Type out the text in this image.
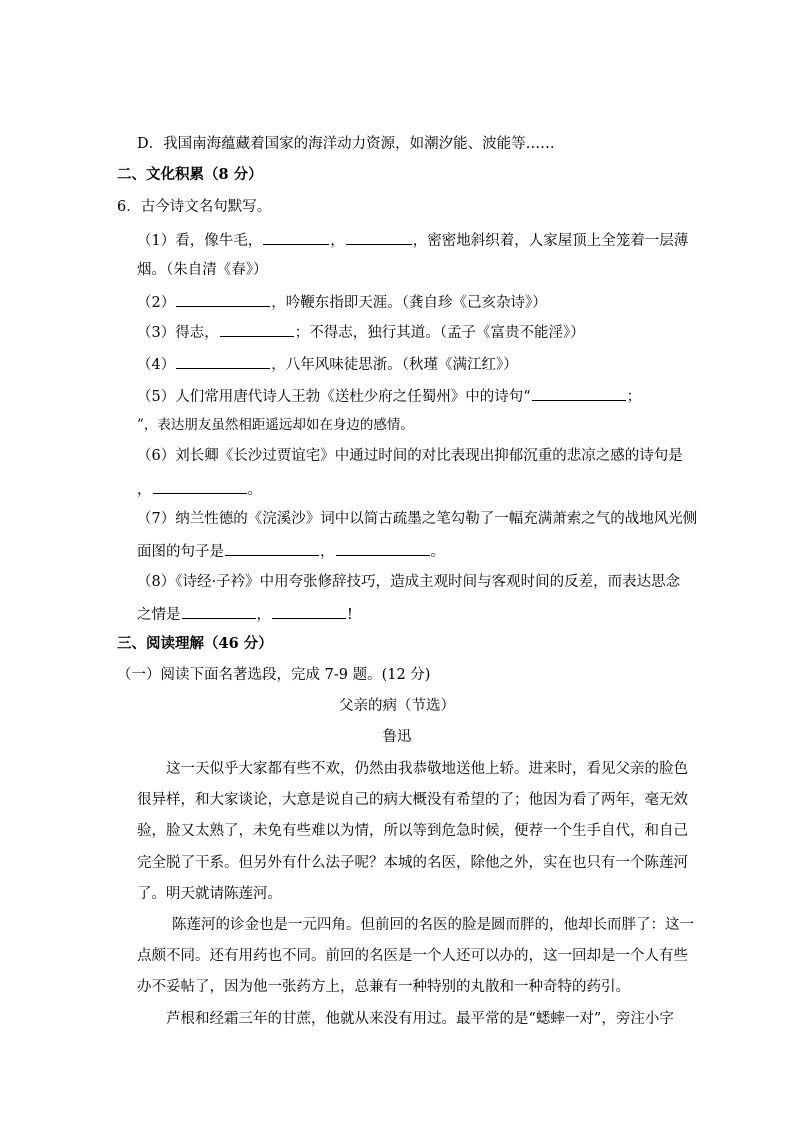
D．我国南海蕴藏着国家的海洋动力资源，如潮汐能、波能等……
二、文化积累（8 分）
6．古今诗文名句默写。
（1）看，像牛毛，	，	，密密地斜织着，人家屋顶上全笼着一层薄
烟。（朱自清《春》）
（2）	，吟鞭东指即天涯。（龚自珍《己亥杂诗》）
（3）得志，	；不得志，独行其道。（孟子《富贵不能淫》）
（4）	，八年风味徒思浙。（秋瑾《满江红》）
（5）人们常用唐代诗人王勃《送杜少府之任蜀州》中的诗句“	；
”，表达朋友虽然相距遥远却如在身边的感情。
（6）刘长卿《长沙过贾谊宅》中通过时间的对比表现出抑郁沉重的悲凉之感的诗句是
，	。
（7）纳兰性德的《浣溪沙》词中以简古疏墨之笔勾勒了一幅充满萧索之气的战地风光侧
面图的句子是	，	。
（8）《诗经·子衿》中用夸张修辞技巧，造成主观时间与客观时间的反差，而表达思念
之情是	，	!
三、阅读理解（46 分）
（一）阅读下面名著选段，完成 7-9 题。(12 分)
父亲的病（节选）
鲁迅
这一天似乎大家都有些不欢，仍然由我恭敬地送他上轿。进来时，看见父亲的脸色
很异样，和大家谈论，大意是说自己的病大概没有希望的了；他因为看了两年，毫无效
验，脸又太熟了，未免有些难以为情，所以等到危急时候，便荐一个生手自代，和自己
完全脱了干系。但另外有什么法子呢？本城的名医，除他之外，实在也只有一个陈莲河
了。明天就请陈莲河。
陈莲河的诊金也是一元四角。但前回的名医的脸是圆而胖的，他却长而胖了：这一
点颇不同。还有用药也不同。前回的名医是一个人还可以办的，这一回却是一个人有些
办不妥帖了，因为他一张药方上，总兼有一种特别的丸散和一种奇特的药引。
芦根和经霜三年的甘蔗，他就从来没有用过。最平常的是“蟋蟀一对”，旁注小字
